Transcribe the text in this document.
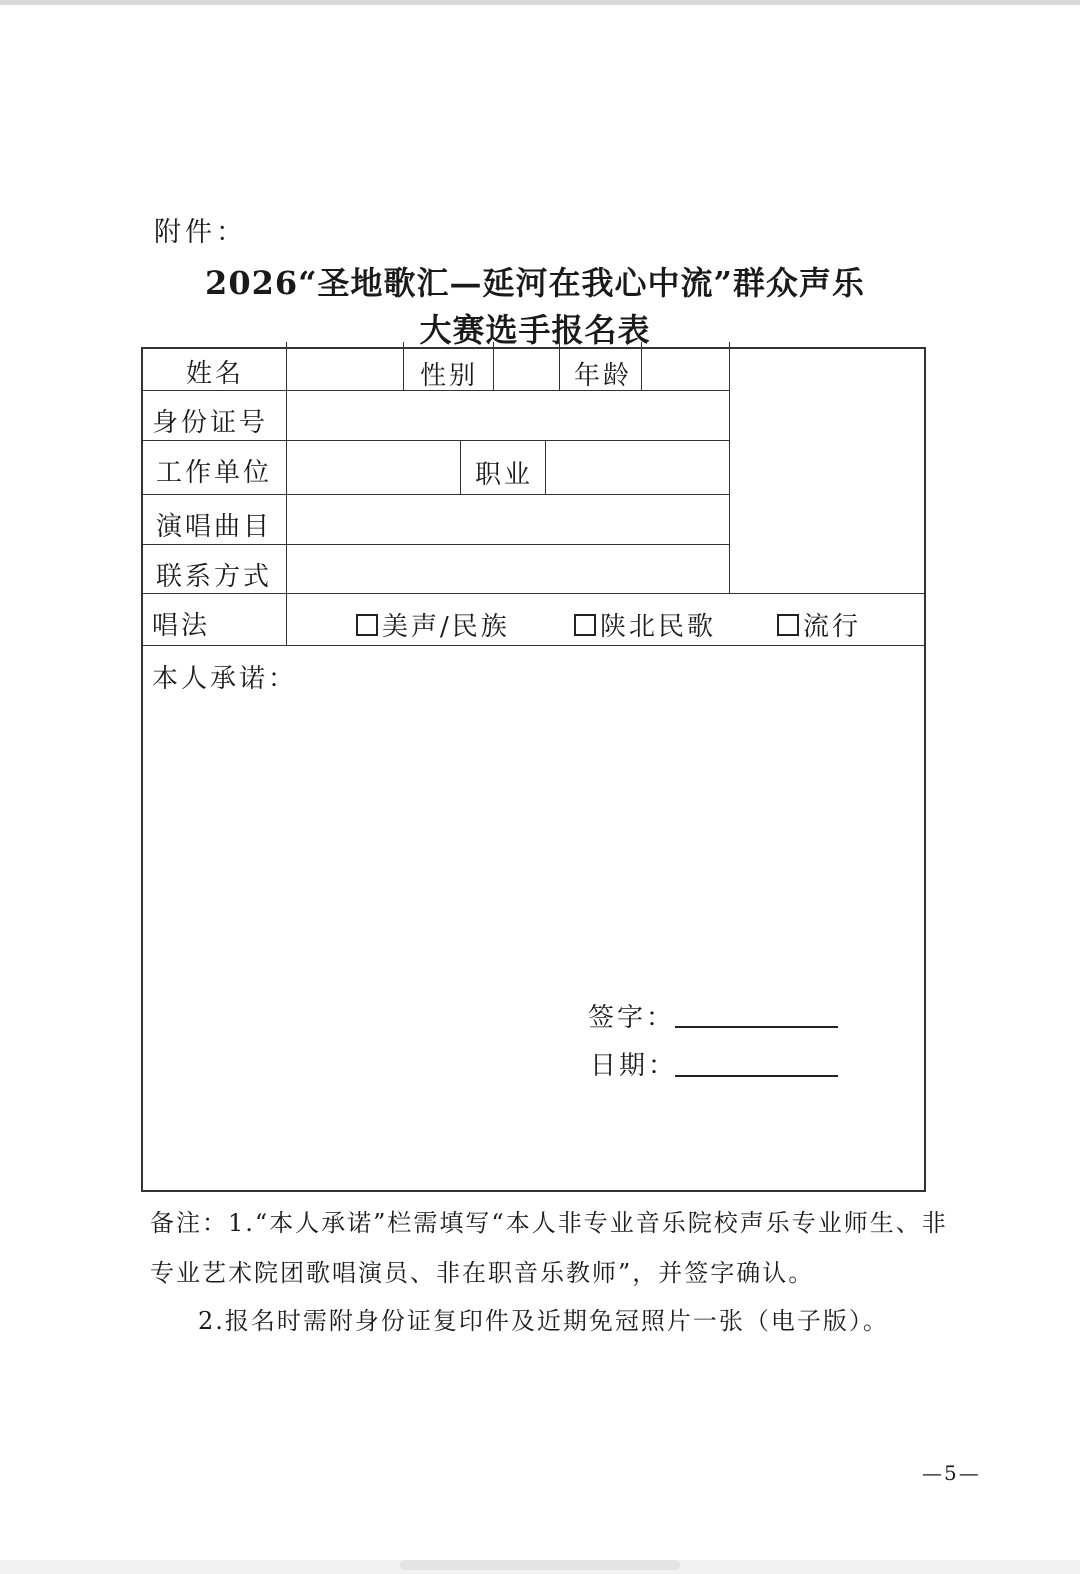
附件：
2026“圣地歌汇—延河在我心中流”群众声乐
大赛选手报名表
姓名	性别	年龄
身份证号
工作单位	职业
演唱曲目
联系方式
唱法	美声/民族	陕北民歌	流行
本人承诺：
签字：
日期：
备注：1.“本人承诺”栏需填写“本人非专业音乐院校声乐专业师生、非
专业艺术院团歌唱演员、非在职音乐教师”，并签字确认。
2.报名时需附身份证复印件及近期免冠照片一张（电子版）。
—5—
